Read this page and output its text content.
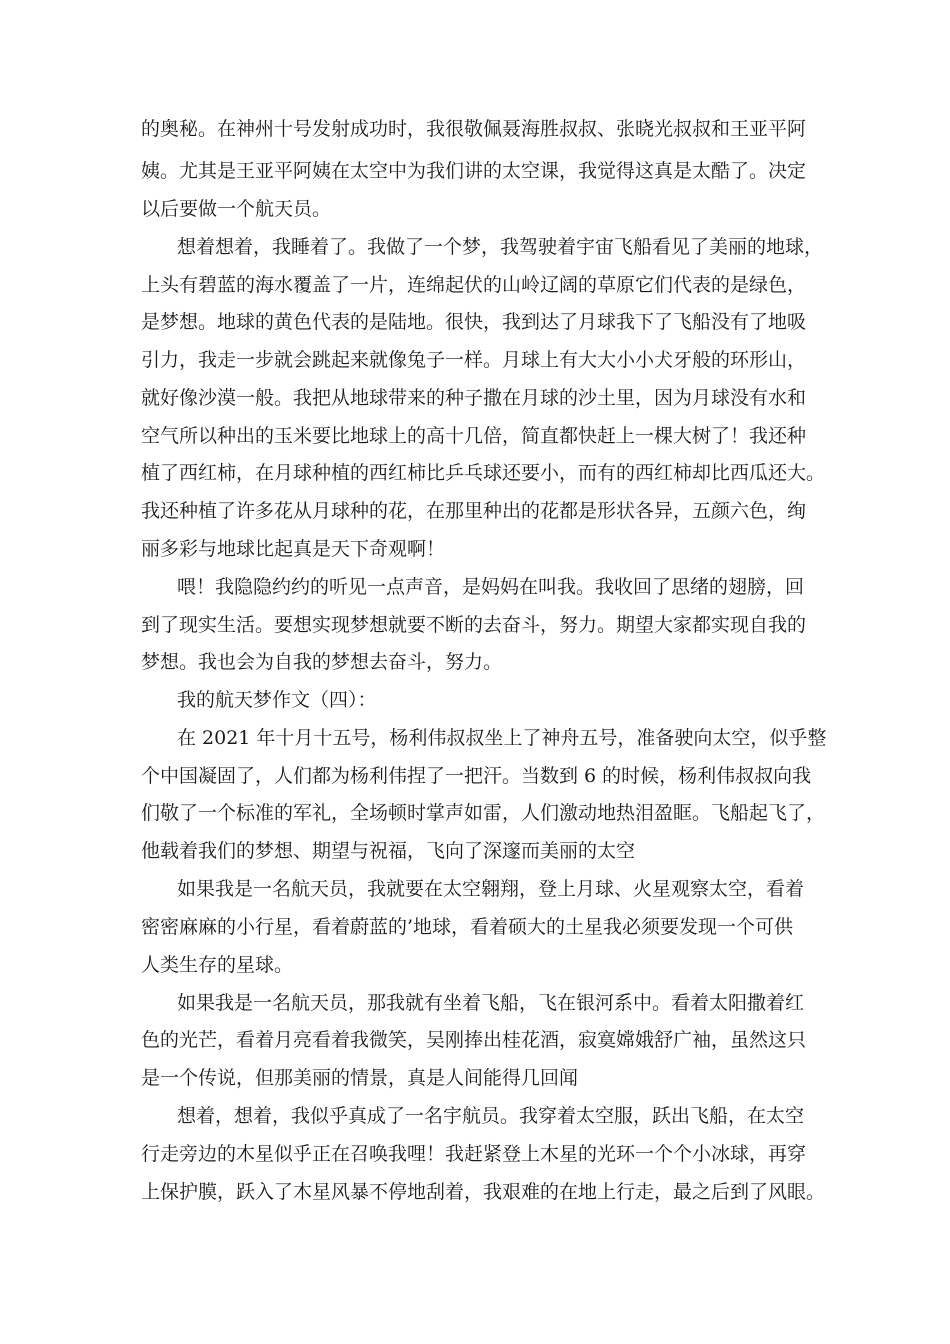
的奥秘。在神州十号发射成功时，我很敬佩聂海胜叔叔、张晓光叔叔和王亚平阿
姨。尤其是王亚平阿姨在太空中为我们讲的太空课，我觉得这真是太酷了。决定
以后要做一个航天员。
想着想着，我睡着了。我做了一个梦，我驾驶着宇宙飞船看见了美丽的地球，
上头有碧蓝的海水覆盖了一片，连绵起伏的山岭辽阔的草原它们代表的是绿色，
是梦想。地球的黄色代表的是陆地。很快，我到达了月球我下了飞船没有了地吸
引力，我走一步就会跳起来就像兔子一样。月球上有大大小小犬牙般的环形山，
就好像沙漠一般。我把从地球带来的种子撒在月球的沙土里，因为月球没有水和
空气所以种出的玉米要比地球上的高十几倍，简直都快赶上一棵大树了！我还种
植了西红柿，在月球种植的西红柿比乒乓球还要小，而有的西红柿却比西瓜还大。
我还种植了许多花从月球种的花，在那里种出的花都是形状各异，五颜六色，绚
丽多彩与地球比起真是天下奇观啊！
喂！我隐隐约约的听见一点声音，是妈妈在叫我。我收回了思绪的翅膀，回
到了现实生活。要想实现梦想就要不断的去奋斗，努力。期望大家都实现自我的
梦想。我也会为自我的梦想去奋斗，努力。
我的航天梦作文（四）：
在 2021 年十月十五号，杨利伟叔叔坐上了神舟五号，准备驶向太空，似乎整
个中国凝固了，人们都为杨利伟捏了一把汗。当数到 6 的时候，杨利伟叔叔向我
们敬了一个标准的军礼，全场顿时掌声如雷，人们激动地热泪盈眶。飞船起飞了，
他载着我们的梦想、期望与祝福，飞向了深邃而美丽的太空
如果我是一名航天员，我就要在太空翱翔，登上月球、火星观察太空，看着
密密麻麻的小行星，看着蔚蓝的’地球，看着硕大的土星我必须要发现一个可供
人类生存的星球。
如果我是一名航天员，那我就有坐着飞船，飞在银河系中。看着太阳撒着红
色的光芒，看着月亮看着我微笑，吴刚捧出桂花酒，寂寞嫦娥舒广袖，虽然这只
是一个传说，但那美丽的情景，真是人间能得几回闻
想着，想着，我似乎真成了一名宇航员。我穿着太空服，跃出飞船，在太空
行走旁边的木星似乎正在召唤我哩！我赶紧登上木星的光环一个个小冰球，再穿
上保护膜，跃入了木星风暴不停地刮着，我艰难的在地上行走，最之后到了风眼。
